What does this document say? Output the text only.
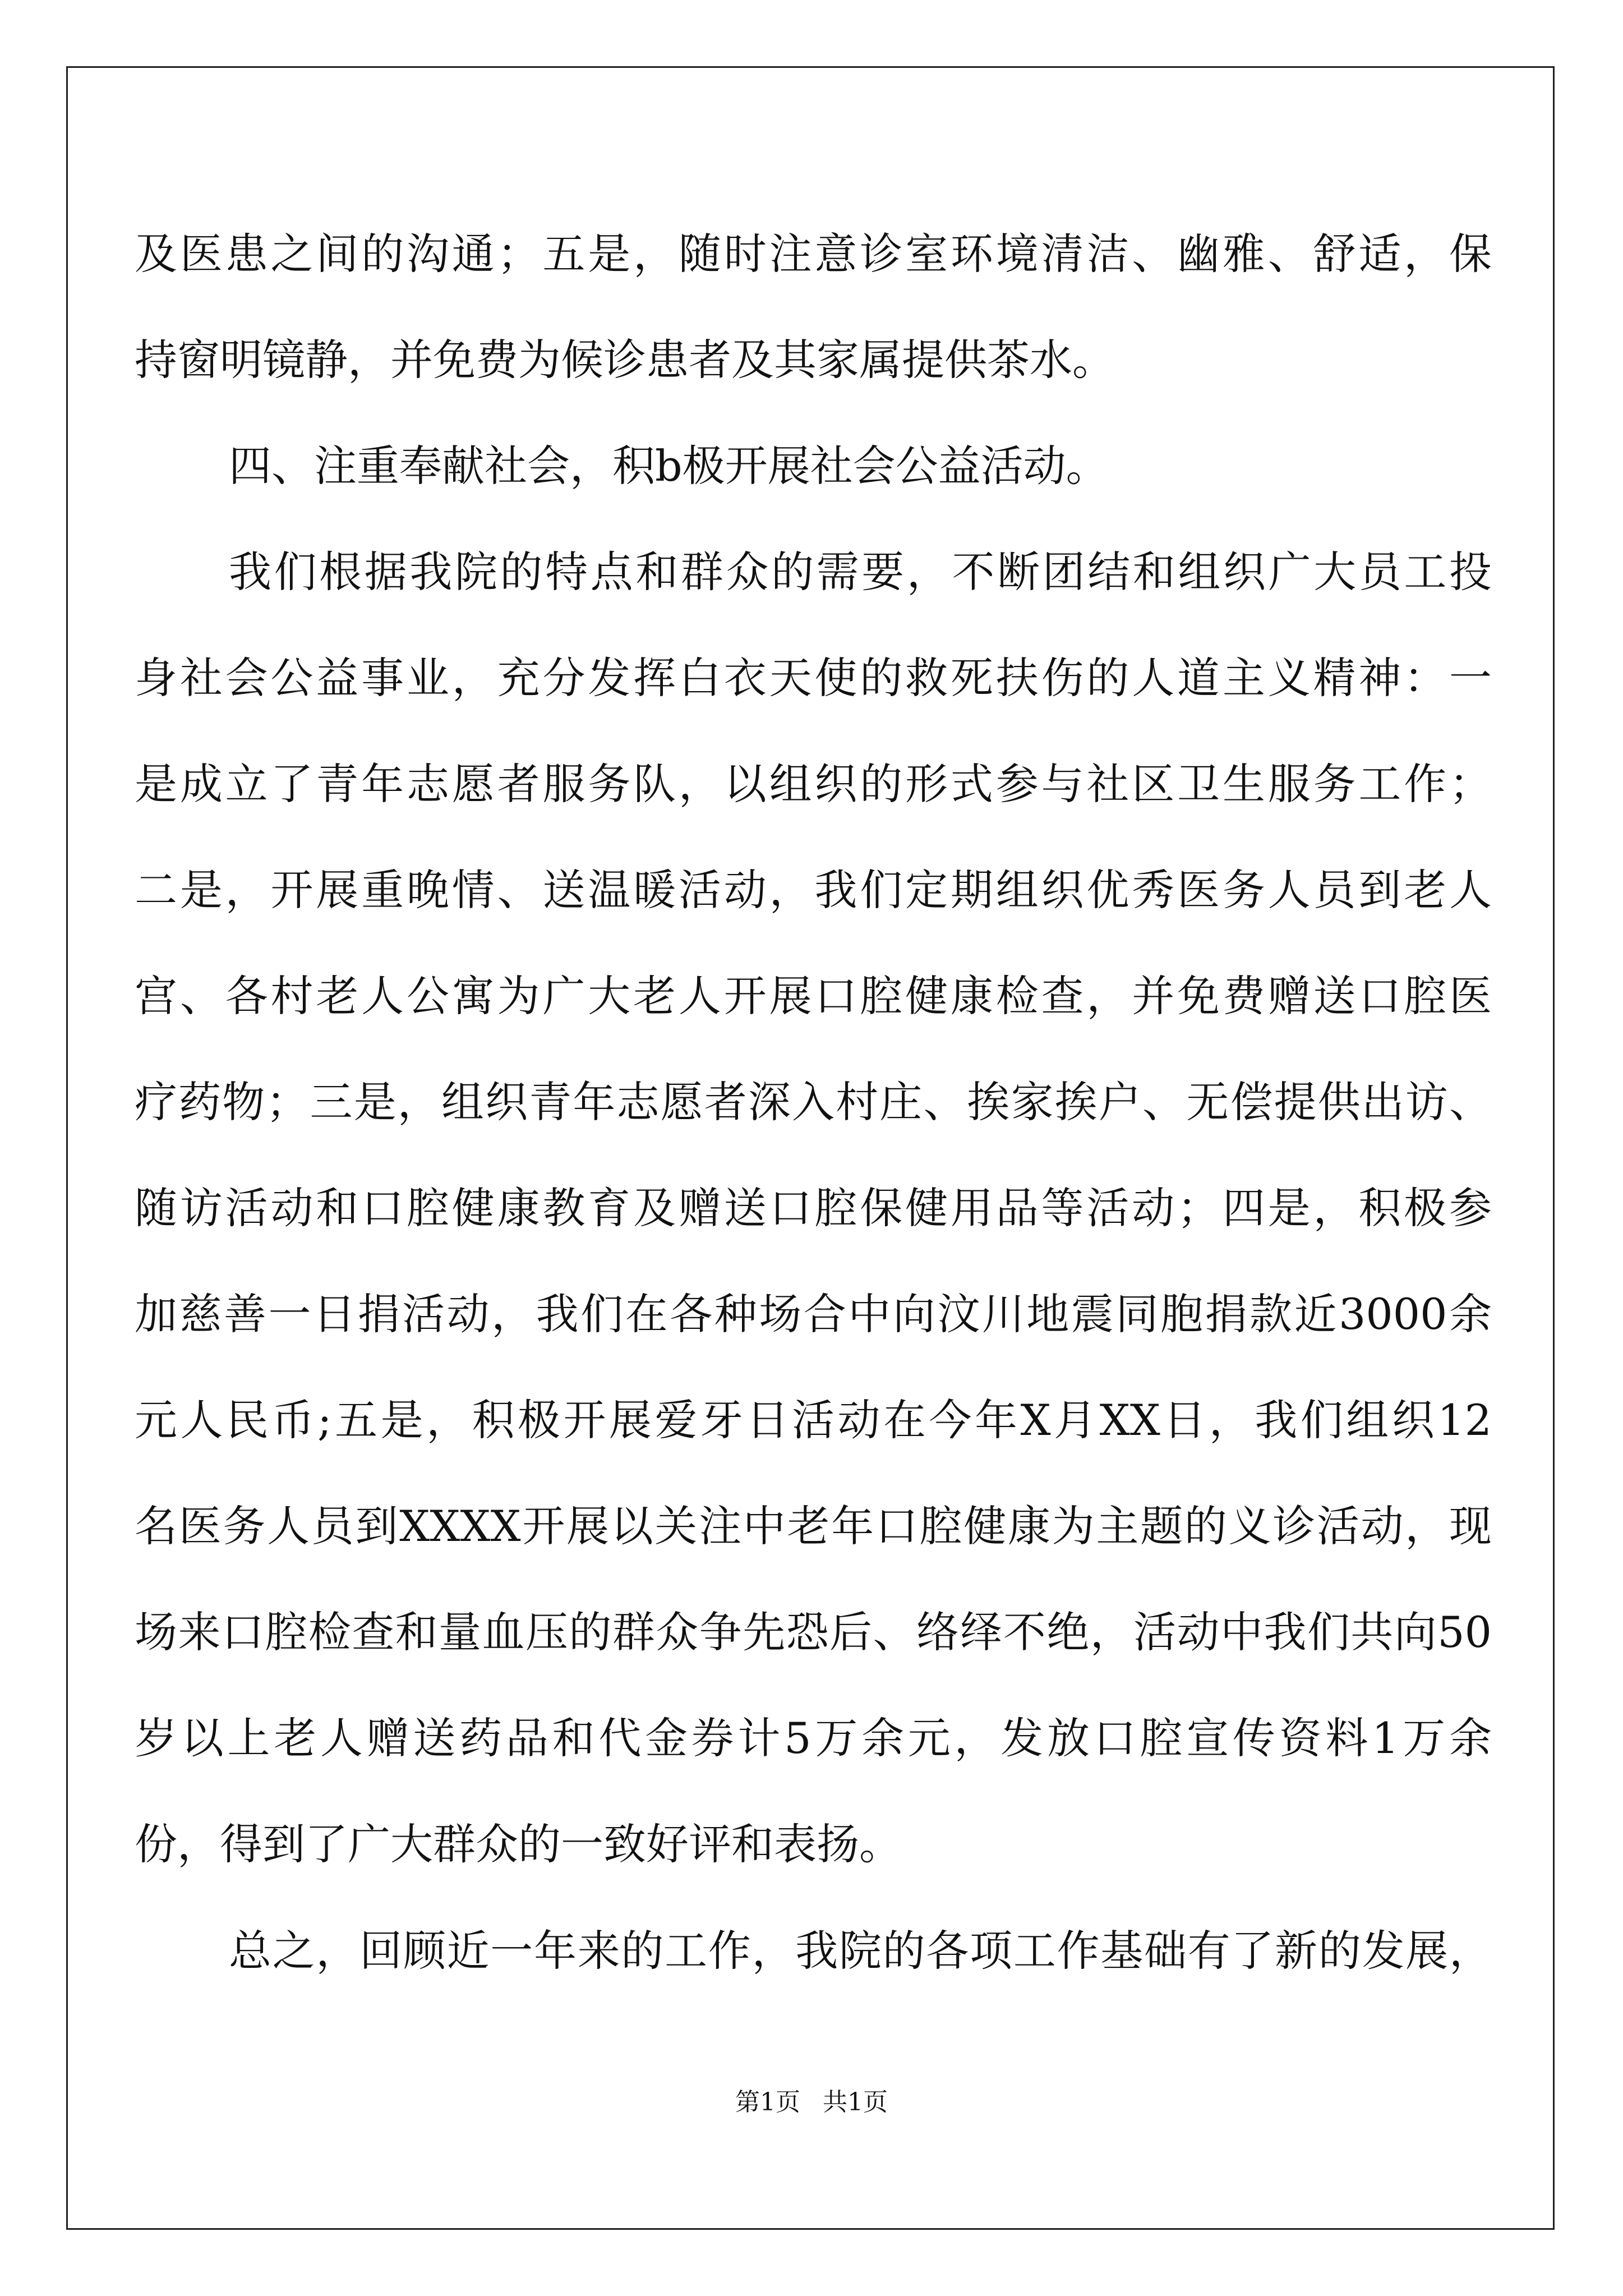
及医患之间的沟通；五是，随时注意诊室环境清洁、幽雅、舒适，保
持窗明镜静，并免费为候诊患者及其家属提供茶水。
四、注重奉献社会，积b极开展社会公益活动。
我们根据我院的特点和群众的需要，不断团结和组织广大员工投
身社会公益事业，充分发挥白衣天使的救死扶伤的人道主义精神：一
是成立了青年志愿者服务队，以组织的形式参与社区卫生服务工作；
二是，开展重晚情、送温暖活动，我们定期组织优秀医务人员到老人
宫、各村老人公寓为广大老人开展口腔健康检查，并免费赠送口腔医
疗药物；三是，组织青年志愿者深入村庄、挨家挨户、无偿提供出访、
随访活动和口腔健康教育及赠送口腔保健用品等活动；四是，积极参
加慈善一日捐活动，我们在各种场合中向汶川地震同胞捐款近3000余
元人民币;五是，积极开展爱牙日活动在今年X月XX日，我们组织12
名医务人员到XXXX开展以关注中老年口腔健康为主题的义诊活动，现
场来口腔检查和量血压的群众争先恐后、络绎不绝，活动中我们共向50
岁以上老人赠送药品和代金券计5万余元，发放口腔宣传资料1万余
份，得到了广大群众的一致好评和表扬。
总之，回顾近一年来的工作，我院的各项工作基础有了新的发展，
第1页 共1页
